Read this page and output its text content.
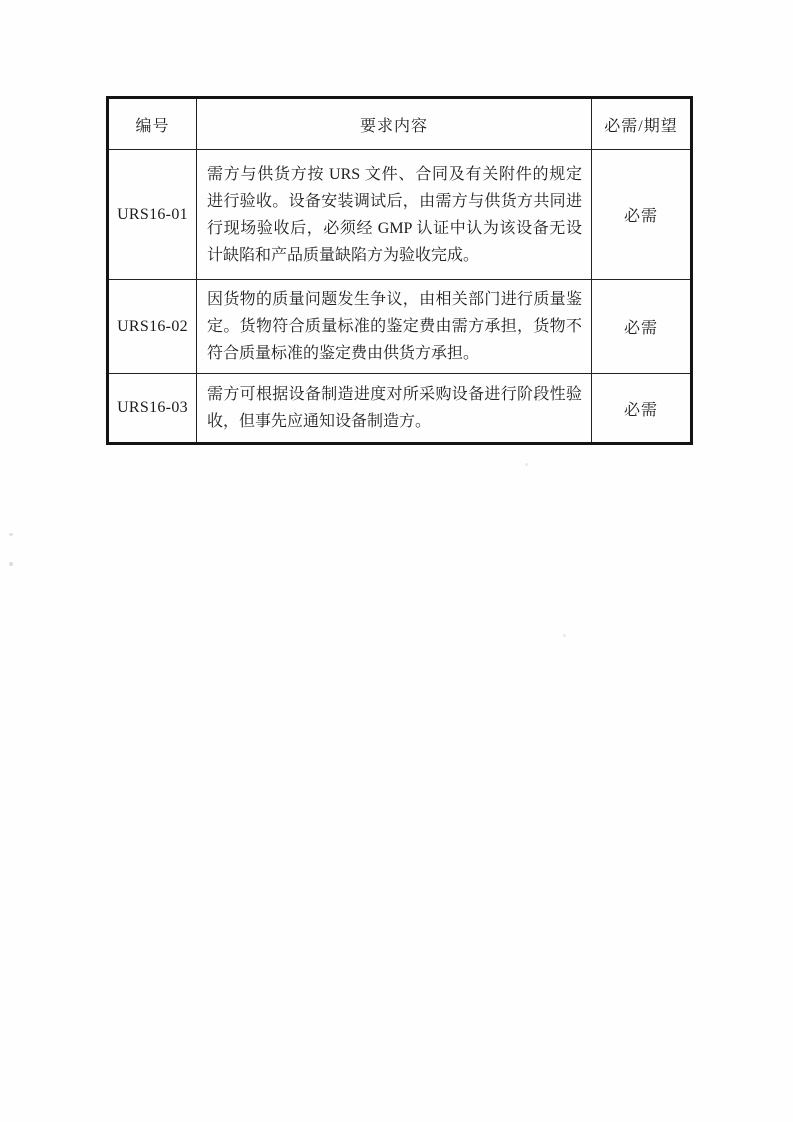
编号	要求内容	必需/期望
URS16-01	需方与供货方按 URS 文件、合同及有关附件的规定进行验收。设备安装调试后，由需方与供货方共同进行现场验收后，必须经 GMP 认证中认为该设备无设计缺陷和产品质量缺陷方为验收完成。	必需
URS16-02	因货物的质量问题发生争议，由相关部门进行质量鉴定。货物符合质量标准的鉴定费由需方承担，货物不符合质量标准的鉴定费由供货方承担。	必需
URS16-03	需方可根据设备制造进度对所采购设备进行阶段性验收，但事先应通知设备制造方。	必需
